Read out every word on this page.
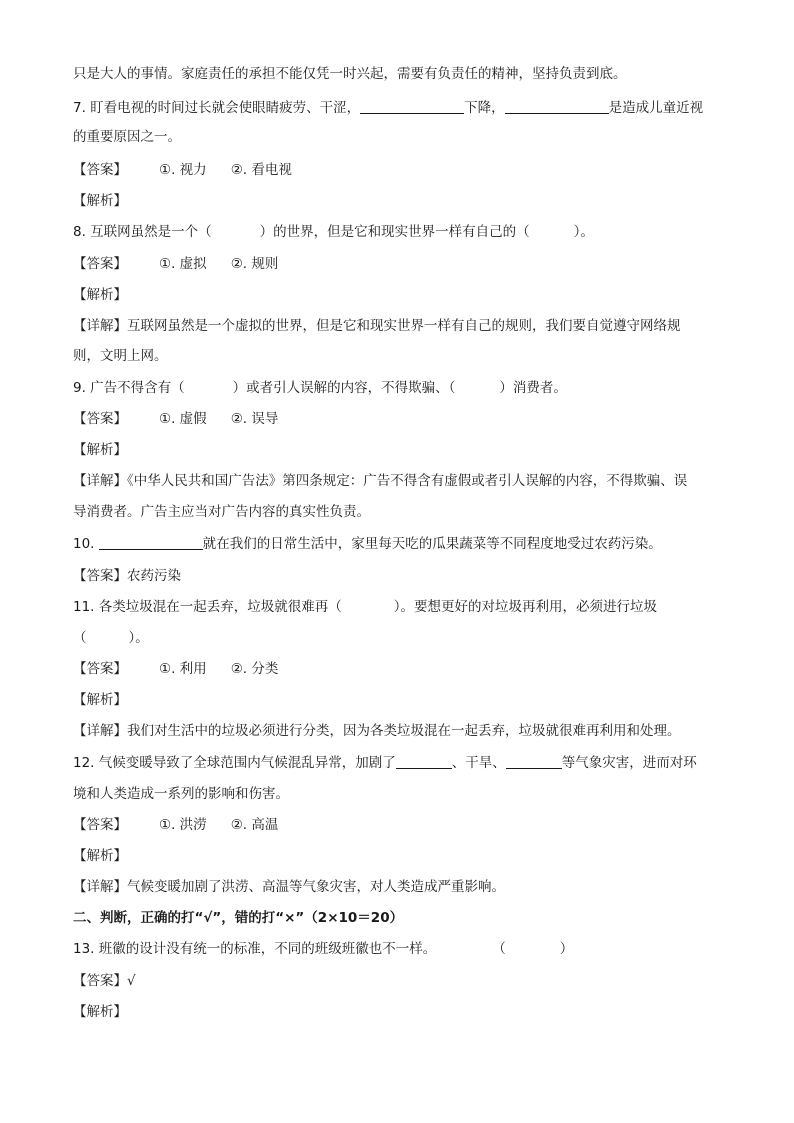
只是大人的事情。家庭责任的承担不能仅凭一时兴起，需要有负责任的精神，坚持负责到底。
7. 盯看电视的时间过长就会使眼睛疲劳、干涩，	下降，	是造成儿童近视
的重要原因之一。
【答案】 ①. 视力 ②. 看电视
【解析】
8. 互联网虽然是一个（	）的世界，但是它和现实世界一样有自己的（	）。
【答案】 ①. 虚拟 ②. 规则
【解析】
【详解】互联网虽然是一个虚拟的世界，但是它和现实世界一样有自己的规则，我们要自觉遵守网络规
则，文明上网。
9. 广告不得含有（	）或者引人误解的内容，不得欺骗、（	）消费者。
【答案】 ①. 虚假 ②. 误导
【解析】
【详解】《中华人民共和国广告法》第四条规定：广告不得含有虚假或者引人误解的内容，不得欺骗、误
导消费者。广告主应当对广告内容的真实性负责。
10.	就在我们的日常生活中，家里每天吃的瓜果蔬菜等不同程度地受过农药污染。
【答案】农药污染
11. 各类垃圾混在一起丢弃，垃圾就很难再（	）。要想更好的对垃圾再利用，必须进行垃圾
（	）。
【答案】 ①. 利用 ②. 分类
【解析】
【详解】我们对生活中的垃圾必须进行分类，因为各类垃圾混在一起丢弃，垃圾就很难再利用和处理。
12. 气候变暖导致了全球范围内气候混乱异常，加剧了	、干旱、	等气象灾害，进而对环
境和人类造成一系列的影响和伤害。
【答案】 ①. 洪涝 ②. 高温
【解析】
【详解】气候变暖加剧了洪涝、高温等气象灾害，对人类造成严重影响。
二、判断，正确的打“√”，错的打“×”（2×10＝20）
13. 班徽的设计没有统一的标准，不同的班级班徽也不一样。	（　　　　）
【答案】√
【解析】
